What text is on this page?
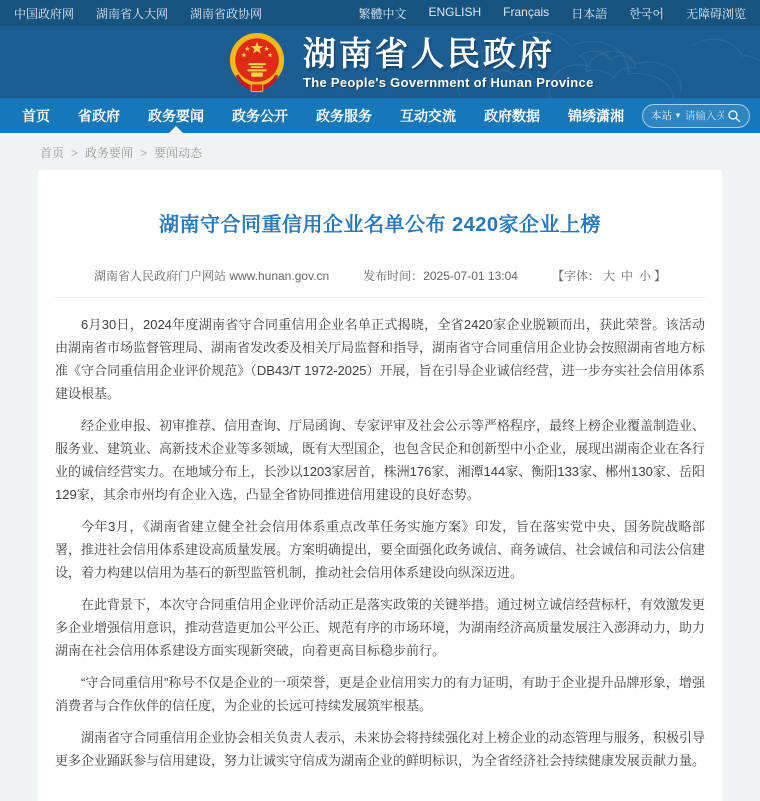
中国政府网 湖南省人大网 湖南省政协网	繁體中文 ENGLISH Français 日本語 한국어 无障碍浏览
湖南省人民政府
The People's Government of Hunan Province
首页 省政府 政务要闻 政务公开 政务服务 互动交流 政府数据 锦绣潇湘	本站 ▼
请输入关键字
首页 > 政务要闻 > 要闻动态
湖南守合同重信用企业名单公布 2420家企业上榜
湖南省人民政府门户网站 www.hunan.gov.cn	发布时间：2025-07-01 13:04	【字体： 大 中 小 】

6月30日，2024年度湖南省守合同重信用企业名单正式揭晓，全省2420家企业脱颖而出，获此荣誉。该活动由湖南省市场监督管理局、湖南省发改委及相关厅局监督和指导，湖南省守合同重信用企业协会按照湖南省地方标准《守合同重信用企业评价规范》（DB43/T 1972-2025）开展，旨在引导企业诚信经营，进一步夯实社会信用体系建设根基。

经企业申报、初审推荐、信用查询、厅局函询、专家评审及社会公示等严格程序，最终上榜企业覆盖制造业、服务业、建筑业、高新技术企业等多领域，既有大型国企，也包含民企和创新型中小企业，展现出湖南企业在各行业的诚信经营实力。在地域分布上，长沙以1203家居首，株洲176家、湘潭144家、衡阳133家、郴州130家、岳阳129家，其余市州均有企业入选，凸显全省协同推进信用建设的良好态势。

今年3月，《湖南省建立健全社会信用体系重点改革任务实施方案》印发，旨在落实党中央、国务院战略部署，推进社会信用体系建设高质量发展。方案明确提出，要全面强化政务诚信、商务诚信、社会诚信和司法公信建设，着力构建以信用为基石的新型监管机制，推动社会信用体系建设向纵深迈进。

在此背景下，本次守合同重信用企业评价活动正是落实政策的关键举措。通过树立诚信经营标杆，有效激发更多企业增强信用意识，推动营造更加公平公正、规范有序的市场环境，为湖南经济高质量发展注入澎湃动力，助力湖南在社会信用体系建设方面实现新突破，向着更高目标稳步前行。

“守合同重信用”称号不仅是企业的一项荣誉，更是企业信用实力的有力证明，有助于企业提升品牌形象，增强消费者与合作伙伴的信任度，为企业的长远可持续发展筑牢根基。

湖南省守合同重信用企业协会相关负责人表示，未来协会将持续强化对上榜企业的动态管理与服务，积极引导更多企业踊跃参与信用建设，努力让诚实守信成为湖南企业的鲜明标识，为全省经济社会持续健康发展贡献力量。
